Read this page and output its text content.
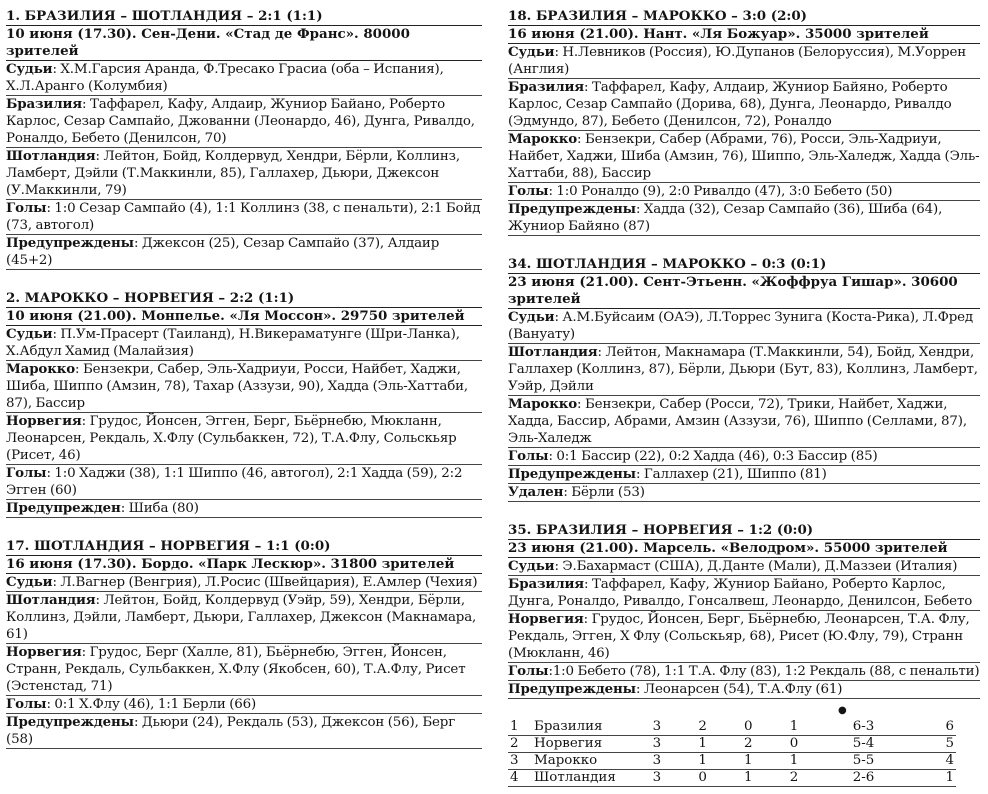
1. БРАЗИЛИЯ – ШОТЛАНДИЯ – 2:1 (1:1)
10 июня (17.30). Сен-Дени. «Стад де Франс». 80000 зрителей
Судьи: Х.М.Гарсия Аранда, Ф.Тресако Грасиа (оба – Испания), Х.Л.Аранго (Колумбия)
Бразилия: Таффарел, Кафу, Алдаир, Жуниор Байано, Роберто Карлос, Сезар Сампайо, Джованни (Леонардо, 46), Дунга, Ривалдо, Роналдо, Бебето (Денилсон, 70)
Шотландия: Лейтон, Бойд, Колдервуд, Хендри, Бёрли, Коллинз, Ламберт, Дэйли (Т.Маккинли, 85), Галлахер, Дьюри, Джексон (У.Маккинли, 79)
Голы: 1:0 Сезар Сампайо (4), 1:1 Коллинз (38, с пенальти), 2:1 Бойд (73, автогол)
Предупреждены: Джексон (25), Сезар Сампайо (37), Алдаир (45+2)
2. МАРОККО – НОРВЕГИЯ – 2:2 (1:1)
10 июня (21.00). Монпелье. «Ля Моссон». 29750 зрителей
Судьи: П.Ум-Прасерт (Таиланд), Н.Викераматунге (Шри-Ланка), Х.Абдул Хамид (Малайзия)
Марокко: Бензекри, Сабер, Эль-Хадриуи, Росси, Найбет, Хаджи, Шиба, Шиппо (Амзин, 78), Тахар (Аззузи, 90), Хадда (Эль-Хаттаби, 87), Бассир
Норвегия: Грудос, Йонсен, Эгген, Берг, Бьёрнебю, Мюкланн, Леонарсен, Рекдаль, Х.Флу (Сульбаккен, 72), Т.А.Флу, Сольскьяр (Рисет, 46)
Голы: 1:0 Хаджи (38), 1:1 Шиппо (46, автогол), 2:1 Хадда (59), 2:2 Эгген (60)
Предупрежден: Шиба (80)
17. ШОТЛАНДИЯ – НОРВЕГИЯ – 1:1 (0:0)
16 июня (17.30). Бордо. «Парк Лескюр». 31800 зрителей
Судьи: Л.Вагнер (Венгрия), Л.Росис (Швейцария), Е.Амлер (Чехия)
Шотландия: Лейтон, Бойд, Колдервуд (Уэйр, 59), Хендри, Бёрли, Коллинз, Дэйли, Ламберт, Дьюри, Галлахер, Джексон (Макнамара, 61)
Норвегия: Грудос, Берг (Халле, 81), Бьёрнебю, Эгген, Йонсен, Странн, Рекдаль, Сульбаккен, Х.Флу (Якобсен, 60), Т.А.Флу, Рисет (Эстенстад, 71)
Голы: 0:1 Х.Флу (46), 1:1 Берли (66)
Предупреждены: Дьюри (24), Рекдаль (53), Джексон (56), Берг (58)
18. БРАЗИЛИЯ – МАРОККО – 3:0 (2:0)
16 июня (21.00). Нант. «Ля Божуар». 35000 зрителей
Судьи: Н.Левников (Россия), Ю.Дупанов (Белоруссия), М.Уоррен (Англия)
Бразилия: Таффарел, Кафу, Алдаир, Жуниор Байяно, Роберто Карлос, Сезар Сампайо (Дорива, 68), Дунга, Леонардо, Ривалдо (Эдмундо, 87), Бебето (Денилсон, 72), Роналдо
Марокко: Бензекри, Сабер (Абрами, 76), Росси, Эль-Хадриуи, Найбет, Хаджи, Шиба (Амзин, 76), Шиппо, Эль-Халедж, Хадда (Эль-Хаттаби, 88), Бассир
Голы: 1:0 Роналдо (9), 2:0 Ривалдо (47), 3:0 Бебето (50)
Предупреждены: Хадда (32), Сезар Сампайо (36), Шиба (64), Жуниор Байяно (87)
34. ШОТЛАНДИЯ – МАРОККО – 0:3 (0:1)
23 июня (21.00). Сент-Этьенн. «Жоффруа Гишар». 30600 зрителей
Судьи: А.М.Буйсаим (ОАЭ), Л.Торрес Зунига (Коста-Рика), Л.Фред (Вануату)
Шотландия: Лейтон, Макнамара (Т.Маккинли, 54), Бойд, Хендри, Галлахер (Коллинз, 87), Бёрли, Дьюри (Бут, 83), Коллинз, Ламберт, Уэйр, Дэйли
Марокко: Бензекри, Сабер (Росси, 72), Трики, Найбет, Хаджи, Хадда, Бассир, Абрами, Амзин (Аззузи, 76), Шиппо (Селлами, 87), Эль-Халедж
Голы: 0:1 Бассир (22), 0:2 Хадда (46), 0:3 Бассир (85)
Предупреждены: Галлахер (21), Шиппо (81)
Удален: Бёрли (53)
35. БРАЗИЛИЯ – НОРВЕГИЯ – 1:2 (0:0)
23 июня (21.00). Марсель. «Велодром». 55000 зрителей
Судьи: Э.Бахармаст (США), Д.Данте (Мали), Д.Маззеи (Италия)
Бразилия: Таффарел, Кафу, Жуниор Байано, Роберто Карлос, Дунга, Роналдо, Ривалдо, Гонсалвеш, Леонардо, Денилсон, Бебето
Норвегия: Грудос, Йонсен, Берг, Бьёрнебю, Леонарсен, Т.А. Флу, Рекдаль, Эгген, Х Флу (Сольскьяр, 68), Рисет (Ю.Флу, 79), Странн (Мюкланн, 46)
Голы:1:0 Бебето (78), 1:1 Т.А. Флу (83), 1:2 Рекдаль (88, с пенальти)
Предупреждены: Леонарсен (54), Т.А.Флу (61)
●
1	Бразилия	3	2	0	1	6-3	6
2	Норвегия	3	1	2	0	5-4	5
3	Марокко	3	1	1	1	5-5	4
4	Шотландия	3	0	1	2	2-6	1
